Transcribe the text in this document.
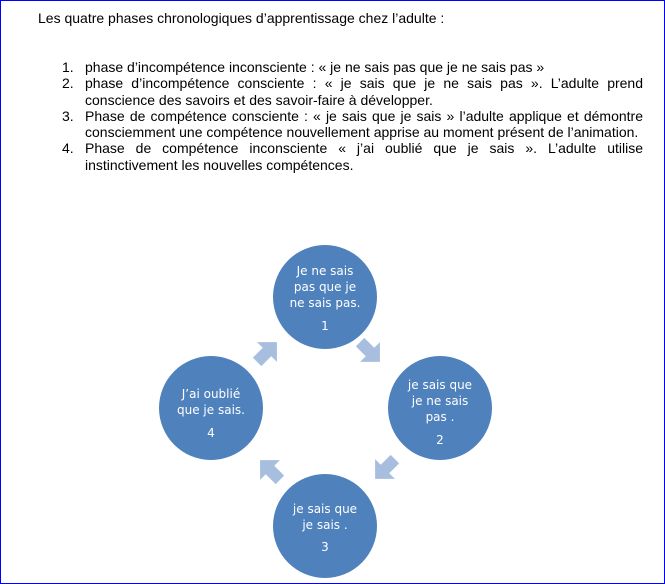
Les quatre phases chronologiques d’apprentissage chez l’adulte :
1. phase d’incompétence inconsciente : « je ne sais pas que je ne sais pas »
2. phase d’incompétence consciente : « je sais que je ne sais pas ». L’adulte prend conscience des savoirs et des savoir-faire à développer.
3. Phase de compétence consciente : « je sais que je sais » l’adulte applique et démontre consciemment une compétence nouvellement apprise au moment présent de l’animation.
4. Phase de compétence inconsciente « j’ai oublié que je sais ». L’adulte utilise instinctivement les nouvelles compétences.
Je ne sais
pas que je
ne sais pas.
1
je sais que
je ne sais
pas .
2
je sais que
je sais .
3
J’ai oublié
que je sais.
4
